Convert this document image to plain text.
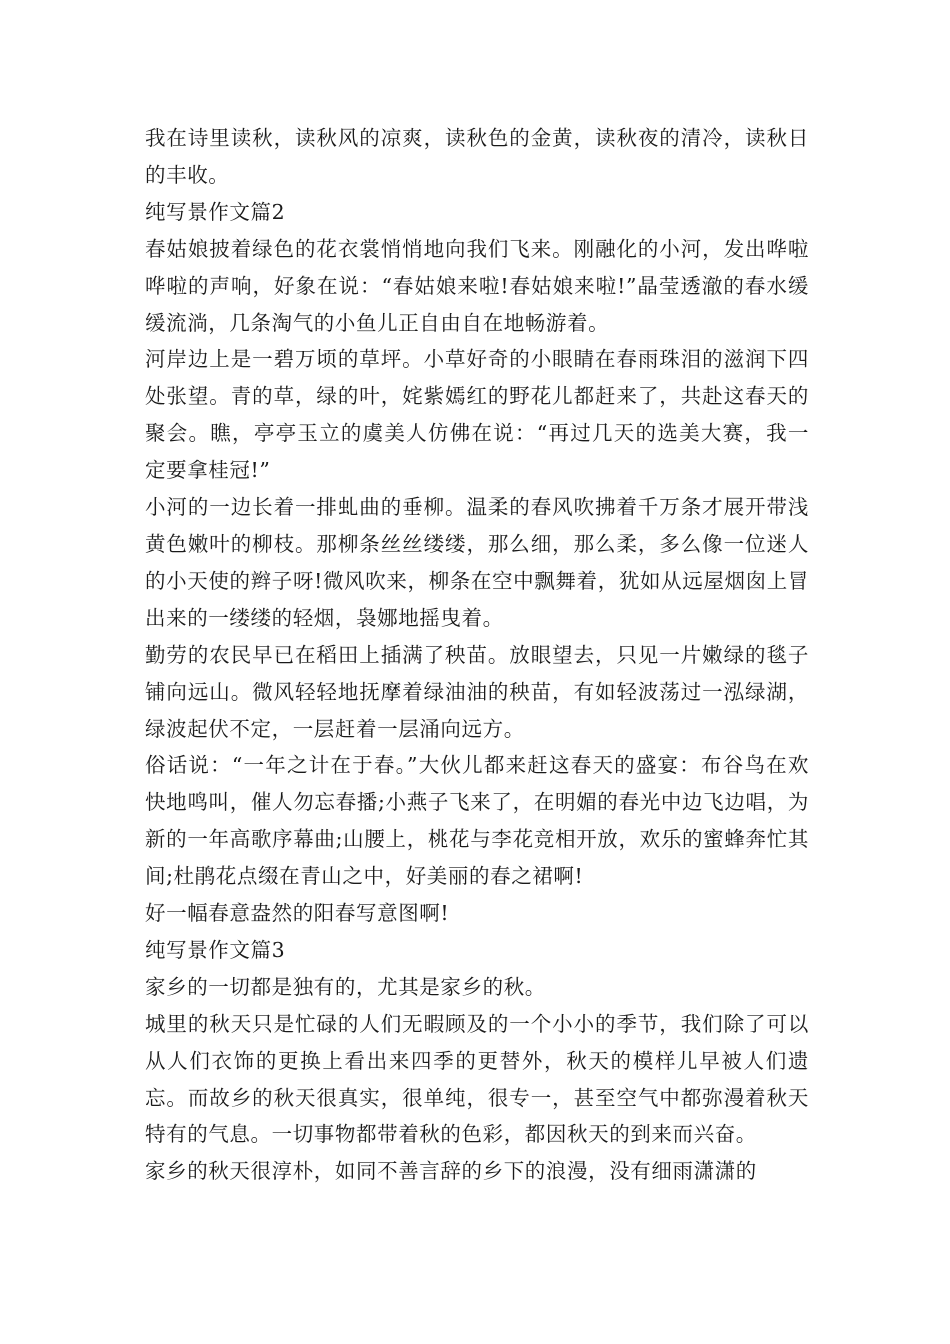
我在诗里读秋，读秋风的凉爽，读秋色的金黄，读秋夜的清冷，读秋日的丰收。

纯写景作文篇2

春姑娘披着绿色的花衣裳悄悄地向我们飞来。刚融化的小河，发出哗啦哗啦的声响，好象在说：“春姑娘来啦!春姑娘来啦!”晶莹透澈的春水缓缓流淌，几条淘气的小鱼儿正自由自在地畅游着。

河岸边上是一碧万顷的草坪。小草好奇的小眼睛在春雨珠泪的滋润下四处张望。青的草，绿的叶，姹紫嫣红的野花儿都赶来了，共赴这春天的聚会。瞧，亭亭玉立的虞美人仿佛在说：“再过几天的选美大赛，我一定要拿桂冠!”

小河的一边长着一排虬曲的垂柳。温柔的春风吹拂着千万条才展开带浅黄色嫩叶的柳枝。那柳条丝丝缕缕，那么细，那么柔，多么像一位迷人的小天使的辫子呀!微风吹来，柳条在空中飘舞着，犹如从远屋烟囱上冒出来的一缕缕的轻烟，袅娜地摇曳着。

勤劳的农民早已在稻田上插满了秧苗。放眼望去，只见一片嫩绿的毯子铺向远山。微风轻轻地抚摩着绿油油的秧苗，有如轻波荡过一泓绿湖，绿波起伏不定，一层赶着一层涌向远方。

俗话说：“一年之计在于春。”大伙儿都来赶这春天的盛宴：布谷鸟在欢快地鸣叫，催人勿忘春播;小燕子飞来了，在明媚的春光中边飞边唱，为新的一年高歌序幕曲;山腰上，桃花与李花竞相开放，欢乐的蜜蜂奔忙其间;杜鹃花点缀在青山之中，好美丽的春之裙啊!

好一幅春意盎然的阳春写意图啊!

纯写景作文篇3

家乡的一切都是独有的，尤其是家乡的秋。

城里的秋天只是忙碌的人们无暇顾及的一个小小的季节，我们除了可以从人们衣饰的更换上看出来四季的更替外，秋天的模样儿早被人们遗忘。而故乡的秋天很真实，很单纯，很专一，甚至空气中都弥漫着秋天特有的气息。一切事物都带着秋的色彩，都因秋天的到来而兴奋。

家乡的秋天很淳朴，如同不善言辞的乡下的浪漫，没有细雨潇潇的
